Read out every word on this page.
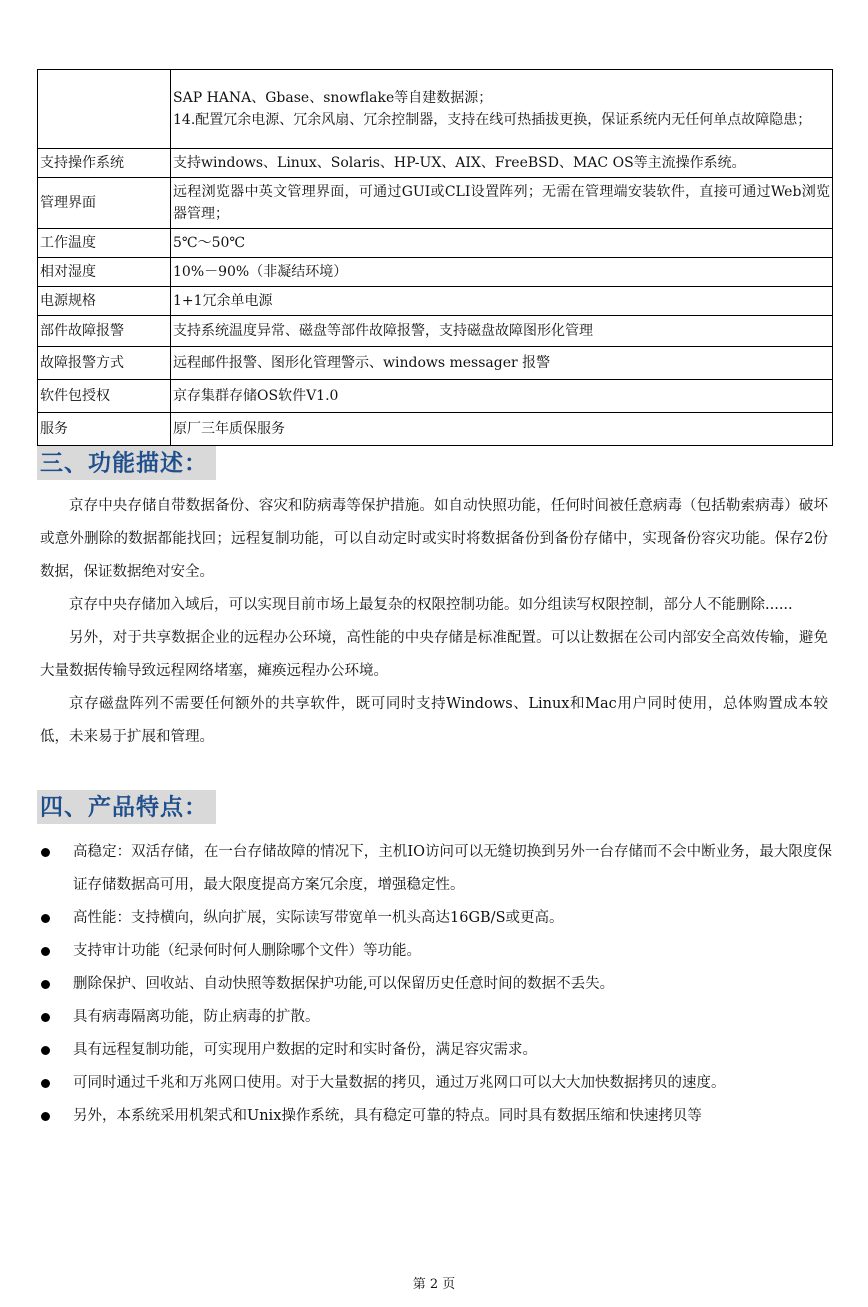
	SAP HANA、Gbase、snowflake等自建数据源；
14.配置冗余电源、冗余风扇、冗余控制器，支持在线可热插拔更换，保证系统内无任何单点故障隐患；
支持操作系统	支持windows、Linux、Solaris、HP-UX、AIX、FreeBSD、MAC OS等主流操作系统。
管理界面	远程浏览器中英文管理界面，可通过GUI或CLI设置阵列；无需在管理端安装软件，直接可通过Web浏览器管理；
工作温度	5℃～50℃
相对湿度	10%－90%（非凝结环境）
电源规格	1+1冗余单电源
部件故障报警	支持系统温度异常、磁盘等部件故障报警，支持磁盘故障图形化管理
故障报警方式	远程邮件报警、图形化管理警示、windows messager 报警
软件包授权	京存集群存储OS软件V1.0
服务	原厂三年质保服务
三、功能描述：

京存中央存储自带数据备份、容灾和防病毒等保护措施。如自动快照功能，任何时间被任意病毒（包括勒索病毒）破坏或意外删除的数据都能找回；远程复制功能，可以自动定时或实时将数据备份到备份存储中，实现备份容灾功能。保存2份数据，保证数据绝对安全。

京存中央存储加入域后，可以实现目前市场上最复杂的权限控制功能。如分组读写权限控制，部分人不能删除......

另外，对于共享数据企业的远程办公环境，高性能的中央存储是标准配置。可以让数据在公司内部安全高效传输，避免大量数据传输导致远程网络堵塞，瘫痪远程办公环境。

京存磁盘阵列不需要任何额外的共享软件，既可同时支持Windows、Linux和Mac用户同时使用，总体购置成本较低，未来易于扩展和管理。

四、产品特点：
高稳定：双活存储，在一台存储故障的情况下，主机IO访问可以无缝切换到另外一台存储而不会中断业务，最大限度保证存储数据高可用，最大限度提高方案冗余度，增强稳定性。
高性能：支持横向，纵向扩展，实际读写带宽单一机头高达16GB/S或更高。
支持审计功能（纪录何时何人删除哪个文件）等功能。
删除保护、回收站、自动快照等数据保护功能,可以保留历史任意时间的数据不丢失。
具有病毒隔离功能，防止病毒的扩散。
具有远程复制功能，可实现用户数据的定时和实时备份，满足容灾需求。
可同时通过千兆和万兆网口使用。对于大量数据的拷贝，通过万兆网口可以大大加快数据拷贝的速度。
另外，本系统采用机架式和Unix操作系统，具有稳定可靠的特点。同时具有数据压缩和快速拷贝等
第 2 页
